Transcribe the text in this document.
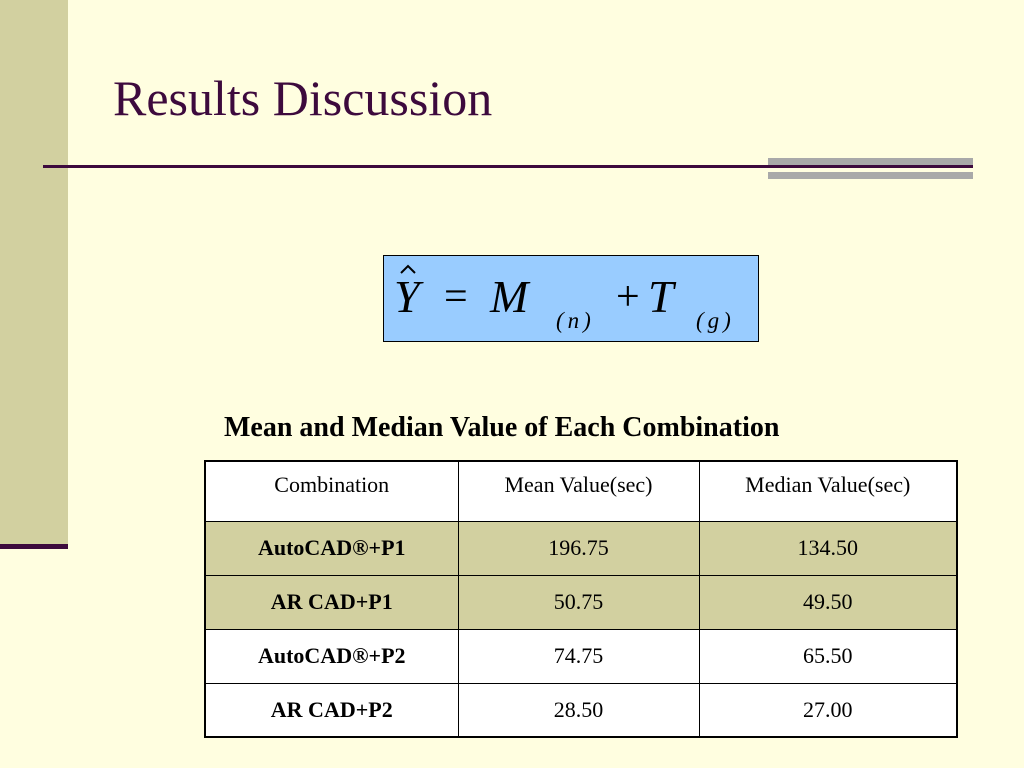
Results Discussion
Y = M (n)
+ T (g)
Mean and Median Value of Each Combination
Combination	Mean Value(sec)	Median Value(sec)
AutoCAD®+P1	196.75	134.50
AR CAD+P1	50.75	49.50
AutoCAD®+P2	74.75	65.50
AR CAD+P2	28.50	27.00
